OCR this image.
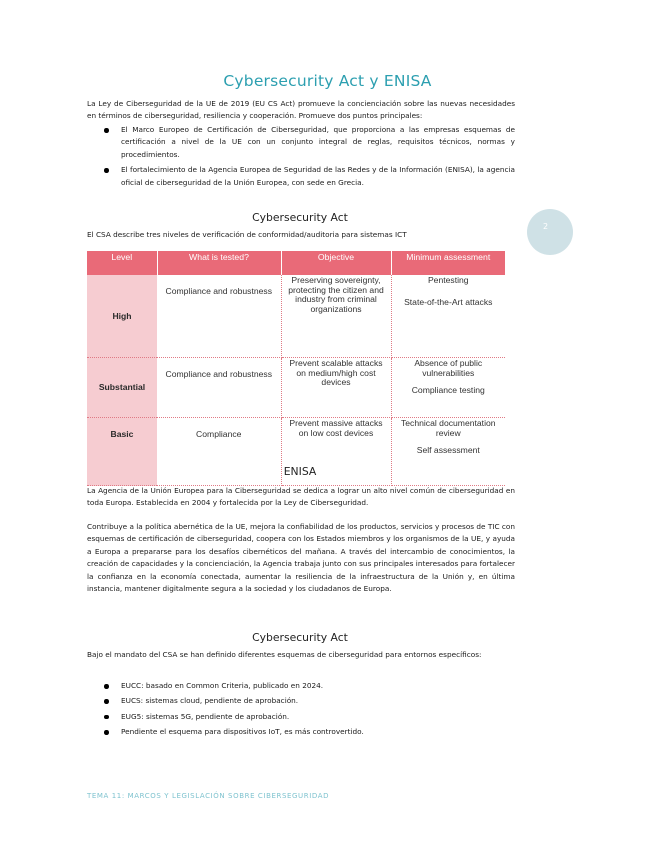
Cybersecurity Act y ENISA
La Ley de Ciberseguridad de la UE de 2019 (EU CS Act) promueve la concienciación sobre las nuevas necesidades en términos de ciberseguridad, resiliencia y cooperación. Promueve dos puntos principales:
El Marco Europeo de Certificación de Ciberseguridad, que proporciona a las empresas esquemas de certificación a nivel de la UE con un conjunto integral de reglas, requisitos técnicos, normas y procedimientos.
El fortalecimiento de la Agencia Europea de Seguridad de las Redes y de la Información (ENISA), la agencia oficial de ciberseguridad de la Unión Europea, con sede en Grecia.
2
Cybersecurity Act
El CSA describe tres niveles de verificación de conformidad/auditoria para sistemas ICT
Level	What is tested?	Objective	Minimum assessment
High	Compliance and robustness	Preserving sovereignty, protecting the citizen and industry from criminal organizations	Pentesting
State-of-the-Art attacks

Substantial	Compliance and robustness	Prevent scalable attacks on medium/high cost devices	Absence of public vulnerabilities
Compliance testing

Basic	Compliance	Prevent massive attacks on low cost devices	Technical documentation review
Self assessment
ENISA
La Agencia de la Unión Europea para la Ciberseguridad se dedica a lograr un alto nivel común de ciberseguridad en toda Europa. Establecida en 2004 y fortalecida por la Ley de Ciberseguridad.
Contribuye a la política abernética de la UE, mejora la confiabilidad de los productos, servicios y procesos de TIC con esquemas de certificación de ciberseguridad, coopera con los Estados miembros y los organismos de la UE, y ayuda a Europa a prepararse para los desafíos cibernéticos del mañana. A través del intercambio de conocimientos, la creación de capacidades y la concienciación, la Agencia trabaja junto con sus principales interesados para fortalecer la confianza en la economía conectada, aumentar la resiliencia de la infraestructura de la Unión y, en última instancia, mantener digitalmente segura a la sociedad y los ciudadanos de Europa.
Cybersecurity Act
Bajo el mandato del CSA se han definido diferentes esquemas de ciberseguridad para entornos específicos:
EUCC: basado en Common Criteria, publicado en 2024.
EUCS: sistemas cloud, pendiente de aprobación.
EUG5: sistemas 5G, pendiente de aprobación.
Pendiente el esquema para dispositivos IoT, es más controvertido.
TEMA 11: MARCOS Y LEGISLACIÓN SOBRE CIBERSEGURIDAD
